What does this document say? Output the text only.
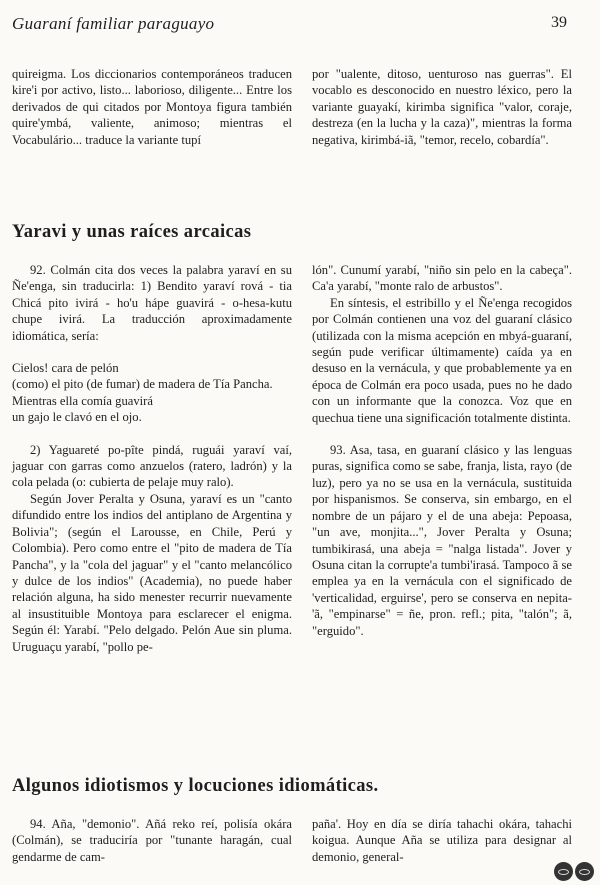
Guaraní familiar paraguayo	39

quireigma. Los diccionarios contemporáneos traducen kire'i por activo, listo... laborioso, diligente... Entre los derivados de qui citados por Montoya figura también quire'ymbá, valiente, animoso; mientras el Vocabulário... traduce la variante tupí

por "ualente, ditoso, uenturoso nas guerras". El vocablo es desconocido en nuestro léxico, pero la variante guayakí, kirimba significa "valor, coraje, destreza (en la lucha y la caza)", mientras la forma negativa, kirimbá-iã, "temor, recelo, cobardía".

Yaravi y unas raíces arcaicas

92. Colmán cita dos veces la palabra yaraví en su Ñe'enga, sin traducirla: 1) Bendito yaraví rová - tia Chicá pito ivirá - ho'u hápe guavirá - o-hesa-kutu chupe ivirá. La traducción aproximadamente idiomática, sería:

Cielos! cara de pelón

(como) el pito (de fumar) de madera de Tía Pancha.

Mientras ella comía guavirá

un gajo le clavó en el ojo.

2) Yaguareté po-pîte pindá, ruguái yaraví vaí, jaguar con garras como anzuelos (ratero, ladrón) y la cola pelada (o: cubierta de pelaje muy ralo).

Según Jover Peralta y Osuna, yaraví es un "canto difundido entre los indios del antiplano de Argentina y Bolivia"; (según el Larousse, en Chile, Perú y Colombia). Pero como entre el "pito de madera de Tía Pancha", y la "cola del jaguar" y el "canto melancólico y dulce de los indios" (Academia), no puede haber relación alguna, ha sido menester recurrir nuevamente al insustituible Montoya para esclarecer el enigma. Según él: Yarabí. "Pelo delgado. Pelón Aue sin pluma. Uruguaçu yarabí, "pollo pe-

lón". Cunumí yarabí, "niño sin pelo en la cabeça". Ca'a yarabí, "monte ralo de arbustos".

En síntesis, el estribillo y el Ñe'enga recogidos por Colmán contienen una voz del guaraní clásico (utilizada con la misma acepción en mbyá-guaraní, según pude verificar últimamente) caída ya en desuso en la vernácula, y que probablemente ya en época de Colmán era poco usada, pues no he dado con un informante que la conozca. Voz que en quechua tiene una significación totalmente distinta.

93. Asa, tasa, en guaraní clásico y las lenguas puras, significa como se sabe, franja, lista, rayo (de luz), pero ya no se usa en la vernácula, sustituida por hispanismos. Se conserva, sin embargo, en el nombre de un pájaro y el de una abeja: Pepoasa, "un ave, monjita...", Jover Peralta y Osuna; tumbikirasá, una abeja = "nalga listada". Jover y Osuna citan la corrupte'a tumbi'irasá. Tampoco ã se emplea ya en la vernácula con el significado de 'verticalidad, erguirse', pero se conserva en nepita-'ã, "empinarse" = ñe, pron. refl.; pita, "talón"; ã, "erguido".

Algunos idiotismos y locuciones idiomáticas.

94. Aña, "demonio". Añá reko reí, polisía okára (Colmán), se traduciría por "tunante haragán, cual gendarme de cam-

paña'. Hoy en día se diría tahachi okára, tahachi koigua. Aunque Aña se utiliza para designar al demonio, general-
